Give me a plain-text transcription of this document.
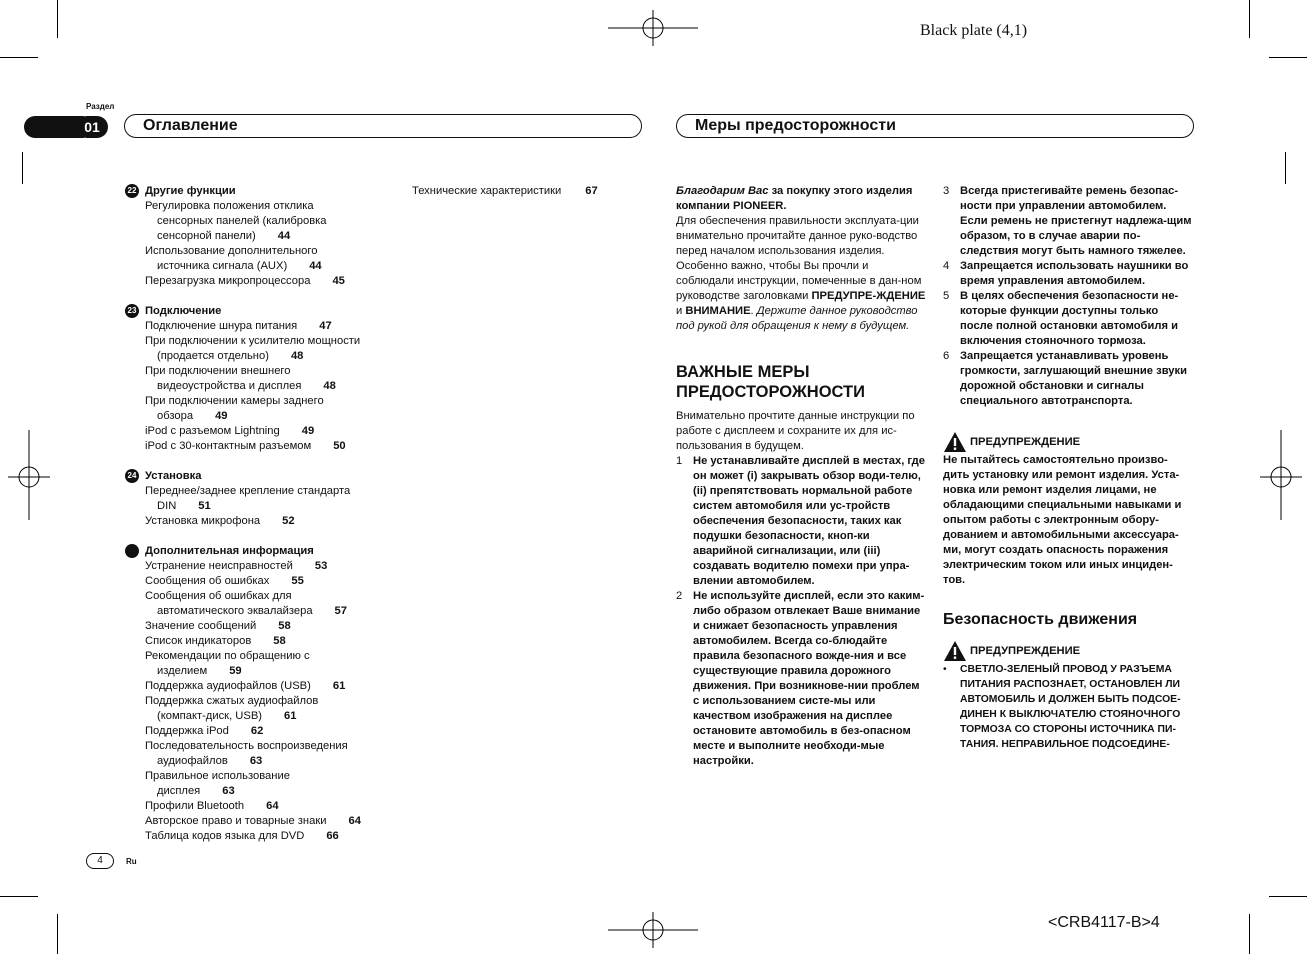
Black plate (4,1)
<CRB4117-B>4
Раздел
01	Оглавление	Меры предосторожности
22 Другие функции
Регулировка положения отклика
сенсорных панелей (калибровка
сенсорной панели) 44
Использование дополнительного
источника сигнала (AUX) 44
Перезагрузка микропроцессора 45
23 Подключение
Подключение шнура питания 47
При подключении к усилителю мощности
(продается отдельно) 48
При подключении внешнего
видеоустройства и дисплея 48
При подключении камеры заднего
обзора 49
iPod с разъемом Lightning 49
iPod с 30-контактным разъемом 50
24 Установка
Переднее/заднее крепление стандарта
DIN 51
Установка микрофона 52
Дополнительная информация
Устранение неисправностей 53
Сообщения об ошибках 55
Сообщения об ошибках для
автоматического эквалайзера 57
Значение сообщений 58
Список индикаторов 58
Рекомендации по обращению с
изделием 59
Поддержка аудиофайлов (USB) 61
Поддержка сжатых аудиофайлов
(компакт-диск, USB) 61
Поддержка iPod 62
Последовательность воспроизведения
аудиофайлов 63
Правильное использование
дисплея 63
Профили Bluetooth 64
Авторское право и товарные знаки 64
Таблица кодов языка для DVD 66
Технические характеристики 67	Благодарим Вас за покупку этого изделия компании PIONEER.

Для обеспечения правильности эксплуата-ции внимательно прочитайте данное руко-водство перед началом использования изделия. Особенно важно, чтобы Вы прочли и соблюдали инструкции, помеченные в дан-ном руководстве заголовками ПРЕДУПРЕ-ЖДЕНИЕ и ВНИМАНИЕ. Держите данное руководство под рукой для обращения к нему в будущем.

ВАЖНЫЕ МЕРЫ ПРЕДОСТОРОЖНОСТИ

Внимательно прочтите данные инструкции по работе с дисплеем и сохраните их для ис-пользования в будущем.

1 Не устанавливайте дисплей в местах, где он может (i) закрывать обзор води-телю, (ii) препятствовать нормальной работе систем автомобиля или ус-тройств обеспечения безопасности, таких как подушки безопасности, кноп-ки аварийной сигнализации, или (iii) создавать водителю помехи при упра-влении автомобилем.
2 Не используйте дисплей, если это каким-либо образом отвлекает Ваше внимание и снижает безопасность управления автомобилем. Всегда со-блюдайте правила безопасного вожде-ния и все существующие правила дорожного движения. При возникнове-нии проблем с использованием систе-мы или качеством изображения на дисплее остановите автомобиль в без-опасном месте и выполните необходи-мые настройки.
3 Всегда пристегивайте ремень безопас-ности при управлении автомобилем. Если ремень не пристегнут надлежа-щим образом, то в случае аварии по-следствия могут быть намного тяжелее.
4 Запрещается использовать наушники во время управления автомобилем.
5 В целях обеспечения безопасности не-которые функции доступны только после полной остановки автомобиля и включения стояночного тормоза.
6 Запрещается устанавливать уровень громкости, заглушающий внешние звуки дорожной обстановки и сигналы специального автотранспорта.
ПРЕДУПРЕЖДЕНИЕ

Не пытайтесь самостоятельно произво-дить установку или ремонт изделия. Уста-новка или ремонт изделия лицами, не обладающими специальными навыками и опытом работы с электронным обору-дованием и автомобильными аксессуара-ми, могут создать опасность поражения электрическим током или иных инциден-тов.

Безопасность движения
ПРЕДУПРЕЖДЕНИЕ
•	СВЕТЛО-ЗЕЛЕНЫЙ ПРОВОД У РАЗЪЕМА ПИТАНИЯ РАСПОЗНАЕТ, ОСТАНОВЛЕН ЛИ АВТОМОБИЛЬ И ДОЛЖЕН БЫТЬ ПОДСОЕ-ДИНЕН К ВЫКЛЮЧАТЕЛЮ СТОЯНОЧНОГО ТОРМОЗА СО СТОРОНЫ ИСТОЧНИКА ПИ-ТАНИЯ. НЕПРАВИЛЬНОЕ ПОДСОЕДИНЕ-
4	Ru
